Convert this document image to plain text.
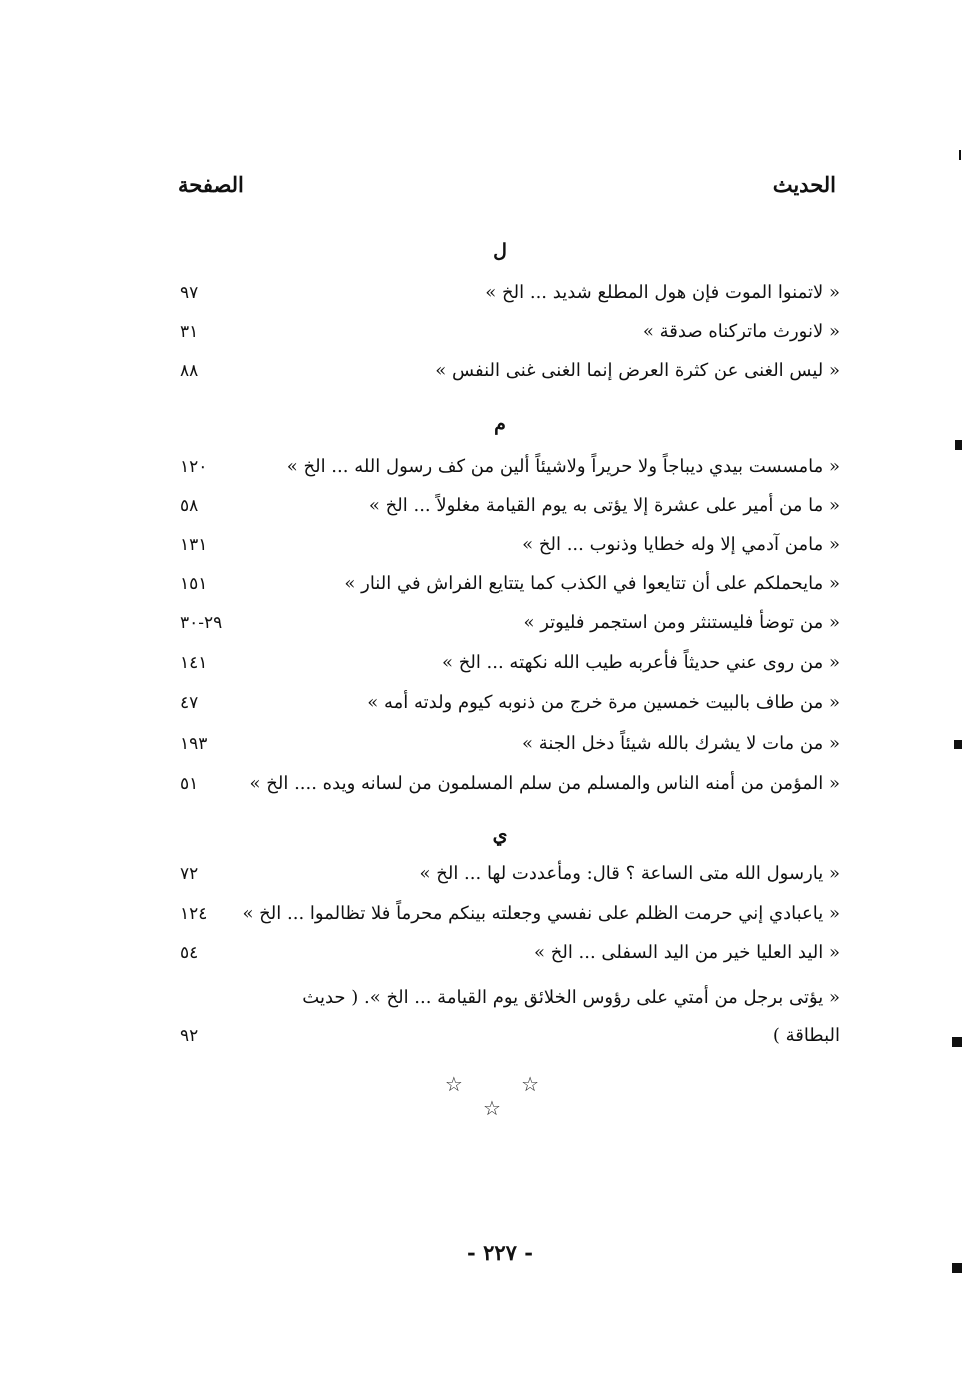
الحديث
الصفحة
ل
« لاتمنوا الموت فإن هول المطلع شديد ... الخ »
٩٧
« لانورث ماتركناه صدقة »
٣١
« ليس الغنى عن كثرة العرض إنما الغنى غنى النفس »
٨٨
م
« مامسست بيدي ديباجاً ولا حريراً ولاشيئاً ألين من كف رسول الله ... الخ »
١٢٠
« ما من أمير على عشرة إلا يؤتى به يوم القيامة مغلولاً ... الخ »
٥٨
« مامن آدمي إلا وله خطايا وذنوب ... الخ »
١٣١
« مايحملكم على أن تتايعوا في الكذب كما يتتايع الفراش في النار »
١٥١
« من توضأ فليستنثر ومن استجمر فليوتر »
٢٩-٣٠
« من روى عني حديثاً فأعربه طيب الله نكهته ... الخ »
١٤١
« من طاف بالبيت خمسين مرة خرج من ذنوبه كيوم ولدته أمه »
٤٧
« من مات لا يشرك بالله شيئاً دخل الجنة »
١٩٣
« المؤمن من أمنه الناس والمسلم من سلم المسلمون من لسانه ويده .... الخ »
٥١
ي
« يارسول الله متى الساعة ؟ قال: ومأعددت لها ... الخ »
٧٢
« ياعبادي إني حرمت الظلم على نفسي وجعلته بينكم محرماً فلا تظالموا ... الخ »
١٢٤
« اليد العليا خير من اليد السفلى ... الخ »
٥٤
« يؤتى برجل من أمتي على رؤوس الخلائق يوم القيامة ... الخ ». ( حديث البطاقة )
٩٢
☆ ☆ ☆
- ٢٢٧ -
